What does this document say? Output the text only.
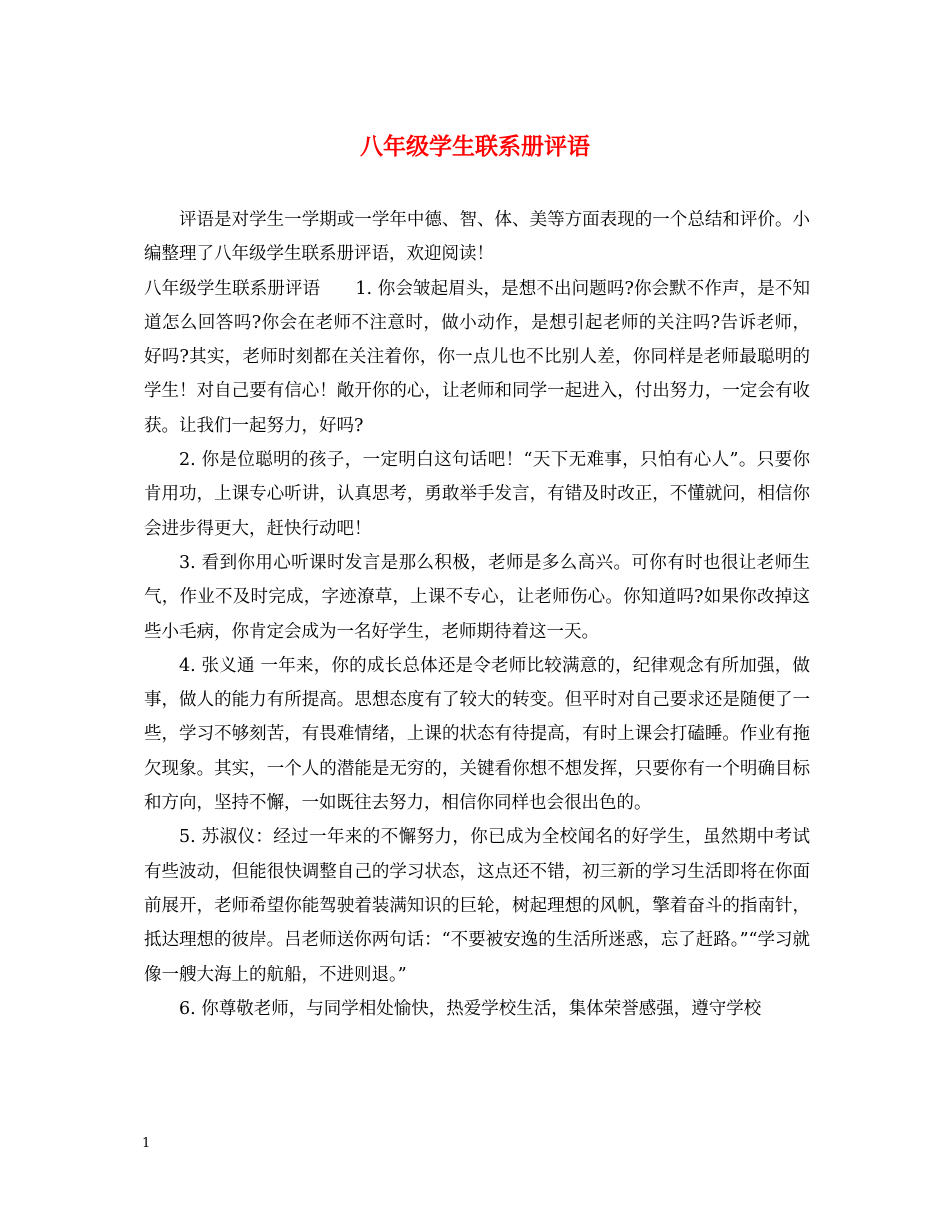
八年级学生联系册评语

评语是对学生一学期或一学年中德、智、体、美等方面表现的一个总结和评价。小编整理了八年级学生联系册评语，欢迎阅读！

八年级学生联系册评语　　1. 你会皱起眉头，是想不出问题吗?你会默不作声，是不知道怎么回答吗?你会在老师不注意时，做小动作，是想引起老师的关注吗?告诉老师，好吗?其实，老师时刻都在关注着你，你一点儿也不比别人差，你同样是老师最聪明的学生！对自己要有信心！敞开你的心，让老师和同学一起进入，付出努力，一定会有收获。让我们一起努力，好吗?

2. 你是位聪明的孩子，一定明白这句话吧！“天下无难事，只怕有心人”。只要你肯用功，上课专心听讲，认真思考，勇敢举手发言，有错及时改正，不懂就问，相信你会进步得更大，赶快行动吧！

3. 看到你用心听课时发言是那么积极，老师是多么高兴。可你有时也很让老师生气，作业不及时完成，字迹潦草，上课不专心，让老师伤心。你知道吗?如果你改掉这些小毛病，你肯定会成为一名好学生，老师期待着这一天。

4. 张义通 一年来，你的成长总体还是令老师比较满意的，纪律观念有所加强，做事，做人的能力有所提高。思想态度有了较大的转变。但平时对自己要求还是随便了一些，学习不够刻苦，有畏难情绪，上课的状态有待提高，有时上课会打磕睡。作业有拖欠现象。其实，一个人的潜能是无穷的，关键看你想不想发挥，只要你有一个明确目标和方向，坚持不懈，一如既往去努力，相信你同样也会很出色的。

5. 苏淑仪：经过一年来的不懈努力，你已成为全校闻名的好学生，虽然期中考试有些波动，但能很快调整自己的学习状态，这点还不错，初三新的学习生活即将在你面前展开，老师希望你能驾驶着装满知识的巨轮，树起理想的风帆，擎着奋斗的指南针，抵达理想的彼岸。吕老师送你两句话：“不要被安逸的生活所迷惑，忘了赶路。”“学习就像一艘大海上的航船，不进则退。”

6. 你尊敬老师，与同学相处愉快，热爱学校生活，集体荣誉感强，遵守学校

1
